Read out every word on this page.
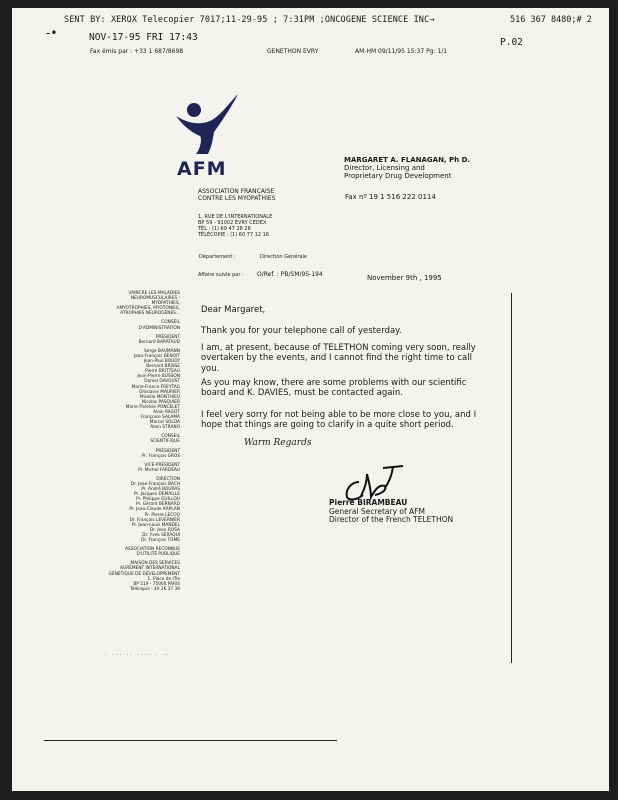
SENT BY: XEROX Telecopier 7017;11-29-95 ; 7:31PM ;ONCOGENE SCIENCE INC→	516 367 8480;# 2
-•	NOV-17-95 FRI 17:43	P.02
Fax émis par : +33 1 687/8698	GENETHON EVRY	AM-HM 09/11/95 15:37 Pg: 1/1
AFM
ASSOCIATION FRANÇAISE
CONTRE LES MYOPATHIES
1, RUE DE L'INTERNATIONALE
BP 59 - 91002 ÉVRY CEDEX
TÉL : (1) 69 47 28 28
TÉLÉCOPIE : (1) 60 77 12 16
Département :	Direction Générale
Affaire suivie par : O/Ref. : PB/SM/95-194	November 9th , 1995
MARGARET A. FLANAGAN, Ph D.
Director, Licensing and
Proprietary Drug Development
Fax nº 19 1 516 222 0114
VAINCRE LES MALADIES
NEUROMUSCULAIRES :
MYOPATHIES,
AMYOTROPHIES, MYOTONIES,
ATROPHIES NEUROGÈNES...
CONSEIL
D'ADMINISTRATION
PRÉSIDENT
Bernard BARATAUD
Serge BAUMANN
Jean-François BENOIT
Jean-Paul BOUDY
Bernard BRISSE
Pierre BRITTEAU
Jean-Pierre BUSSON
Daniel DAVOUST
Marie-France FREYTAG
Ghislaine MAURIER
Mireille MONTHIEU
Nicolas PASQUIER
Marie-Thérèse PONCELET
Alain RAGOT
Françoise SALAMA
Marcel SOLDA
Alain STRANO
CONSEIL
SCIENTIFIQUE
PRÉSIDENT
Pr. François GROS
VICE-PRÉSIDENT
Pr. Michel FARDEAU
DIRECTION
Dr. Jean-François BACH
Pr. André BOURAS
Pr. Jacques DEMAILLE
Pr. Philippe GUILLOU
Pr. Gérard BERNARD
Pr. Jean-Claude KAPLAN
Pr. Pierre LECOQ
Dr. François LEVERNIER
Pr. Jean-Louis MANDEL
Dr. Jean ROSA
Dr. Yves SERAQUI
Dr. François TOME
ASSOCIATION RECONNUE
D'UTILITÉ PUBLIQUE
MAISON DES SERVICES
AGRÉMENT INTERNATIONAL
GÉNÉTIQUE DE DÉVELOPPEMENT
1, Place de l'Île
BP 519 - 75000 PARIS
Télécopie : 40 26 37 39
Dear Margaret,
Thank you for your telephone call of yesterday.
I am, at present, because of TELETHON coming very soon, really overtaken by the events, and I cannot find the right time to call you.
As you may know, there are some problems with our scientific board and K. DAVIES, must be contacted again.
I feel very sorry for not being able to be more close to you, and I hope that things are going to clarify in a quite short period.
Warm Regards
Pierre BIRAMBEAU
General Secretary of AFM
Director of the French TELETHON
· ··· ·· ···· · ··
